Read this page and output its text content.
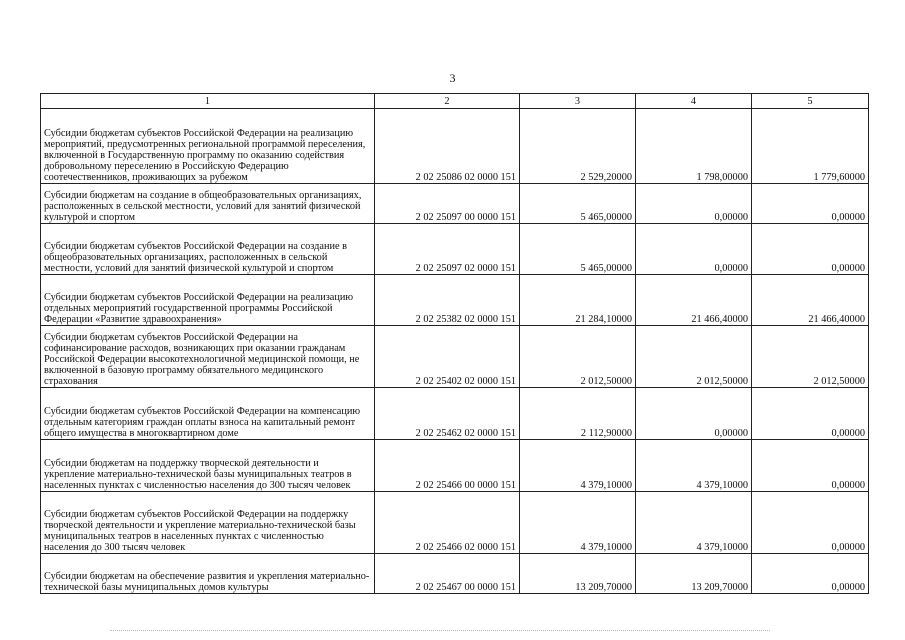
3
1	2	3	4	5
Субсидии бюджетам субъектов Российской Федерации на реализацию мероприятий, предусмотренных региональной программой переселения, включенной в Государственную программу по оказанию содействия добровольному переселению в Российскую Федерацию соотечественников, проживающих за рубежом	2 02 25086 02 0000 151	2 529,20000	1 798,00000	1 779,60000
Субсидии бюджетам на создание в общеобразовательных организациях, расположенных в сельской местности, условий для занятий физической культурой и спортом	2 02 25097 00 0000 151	5 465,00000	0,00000	0,00000
Субсидии бюджетам субъектов Российской Федерации на создание в общеобразовательных организациях, расположенных в сельской местности, условий для занятий физической культурой и спортом	2 02 25097 02 0000 151	5 465,00000	0,00000	0,00000
Субсидии бюджетам субъектов Российской Федерации на реализацию отдельных мероприятий государственной программы Российской Федерации «Развитие здравоохранения»	2 02 25382 02 0000 151	21 284,10000	21 466,40000	21 466,40000
Субсидии бюджетам субъектов Российской Федерации на софинансирование расходов, возникающих при оказании гражданам Российской Федерации высокотехнологичной медицинской помощи, не включенной в базовую программу обязательного медицинского страхования	2 02 25402 02 0000 151	2 012,50000	2 012,50000	2 012,50000
Субсидии бюджетам субъектов Российской Федерации на компенсацию отдельным категориям граждан оплаты взноса на капитальный ремонт общего имущества в многоквартирном доме	2 02 25462 02 0000 151	2 112,90000	0,00000	0,00000
Субсидии бюджетам на поддержку творческой деятельности и укрепление материально-технической базы муниципальных театров в населенных пунктах с численностью населения до 300 тысяч человек	2 02 25466 00 0000 151	4 379,10000	4 379,10000	0,00000
Субсидии бюджетам субъектов Российской Федерации на поддержку творческой деятельности и укрепление материально-технической базы муниципальных театров в населенных пунктах с численностью населения до 300 тысяч человек	2 02 25466 02 0000 151	4 379,10000	4 379,10000	0,00000
Субсидии бюджетам на обеспечение развития и укрепления материально-технической базы муниципальных домов культуры	2 02 25467 00 0000 151	13 209,70000	13 209,70000	0,00000
